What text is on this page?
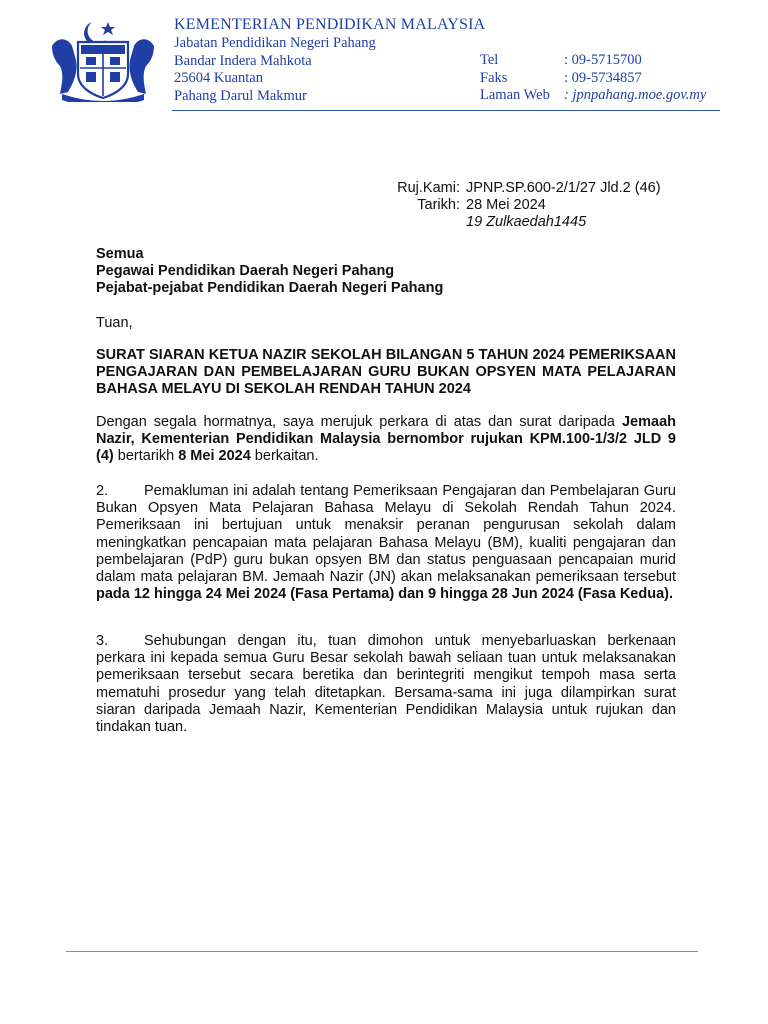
KEMENTERIAN PENDIDIKAN MALAYSIA
Jabatan Pendidikan Negeri Pahang
Bandar Indera Mahkota
25604 Kuantan
Pahang Darul Makmur
Tel	: 09-5715700
Faks	: 09-5734857
Laman Web : jpnpahang.moe.gov.my
Ruj.Kami: JPNP.SP.600-2/1/27 Jld.2 (46)
Tarikh: 28 Mei 2024
19 Zulkaedah1445
Semua
Pegawai Pendidikan Daerah Negeri Pahang
Pejabat-pejabat Pendidikan Daerah Negeri Pahang
Tuan,
SURAT SIARAN KETUA NAZIR SEKOLAH BILANGAN 5 TAHUN 2024 PEMERIKSAAN PENGAJARAN DAN PEMBELAJARAN GURU BUKAN OPSYEN MATA PELAJARAN BAHASA MELAYU DI SEKOLAH RENDAH TAHUN 2024
Dengan segala hormatnya, saya merujuk perkara di atas dan surat daripada Jemaah Nazir, Kementerian Pendidikan Malaysia bernombor rujukan KPM.100-1/3/2 JLD 9 (4) bertarikh 8 Mei 2024 berkaitan.
2. Pemakluman ini adalah tentang Pemeriksaan Pengajaran dan Pembelajaran Guru Bukan Opsyen Mata Pelajaran Bahasa Melayu di Sekolah Rendah Tahun 2024. Pemeriksaan ini bertujuan untuk menaksir peranan pengurusan sekolah dalam meningkatkan pencapaian mata pelajaran Bahasa Melayu (BM), kualiti pengajaran dan pembelajaran (PdP) guru bukan opsyen BM dan status penguasaan pencapaian murid dalam mata pelajaran BM. Jemaah Nazir (JN) akan melaksanakan pemeriksaan tersebut pada 12 hingga 24 Mei 2024 (Fasa Pertama) dan 9 hingga 28 Jun 2024 (Fasa Kedua).
3. Sehubungan dengan itu, tuan dimohon untuk menyebarluaskan berkenaan perkara ini kepada semua Guru Besar sekolah bawah seliaan tuan untuk melaksanakan pemeriksaan tersebut secara beretika dan berintegriti mengikut tempoh masa serta mematuhi prosedur yang telah ditetapkan. Bersama-sama ini juga dilampirkan surat siaran daripada Jemaah Nazir, Kementerian Pendidikan Malaysia untuk rujukan dan tindakan tuan.
